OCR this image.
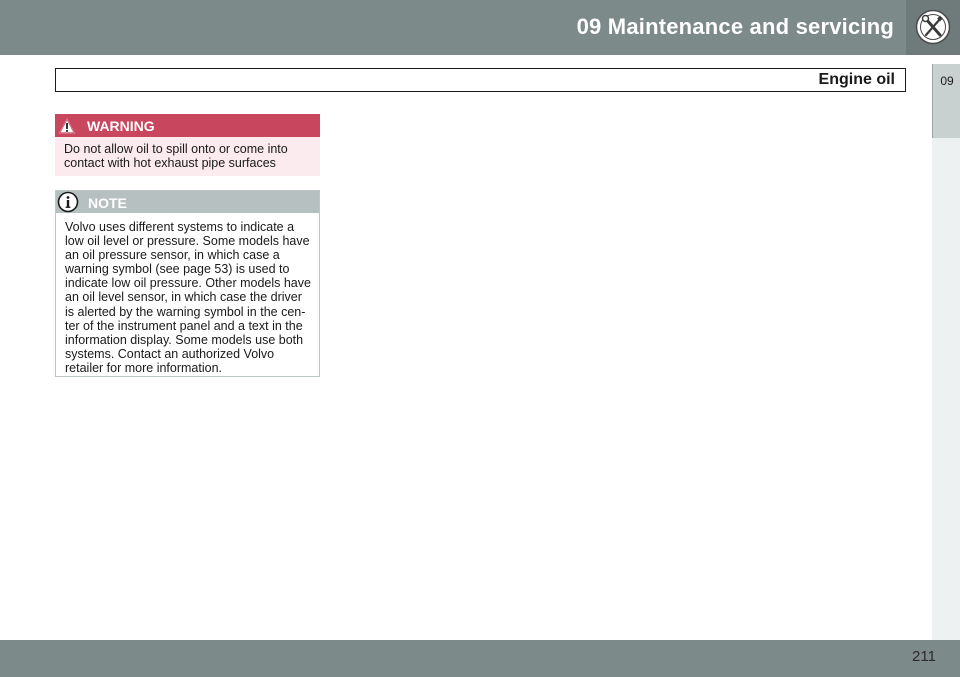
09 Maintenance and servicing
09
Engine oil
WARNING
Do not allow oil to spill onto or come into contact with hot exhaust pipe surfaces
NOTE
Volvo uses different systems to indicate a
low oil level or pressure. Some models have
an oil pressure sensor, in which case a
warning symbol (see page 53) is used to
indicate low oil pressure. Other models have
an oil level sensor, in which case the driver
is alerted by the warning symbol in the cen-
ter of the instrument panel and a text in the
information display. Some models use both
systems. Contact an authorized Volvo
retailer for more information.
211
